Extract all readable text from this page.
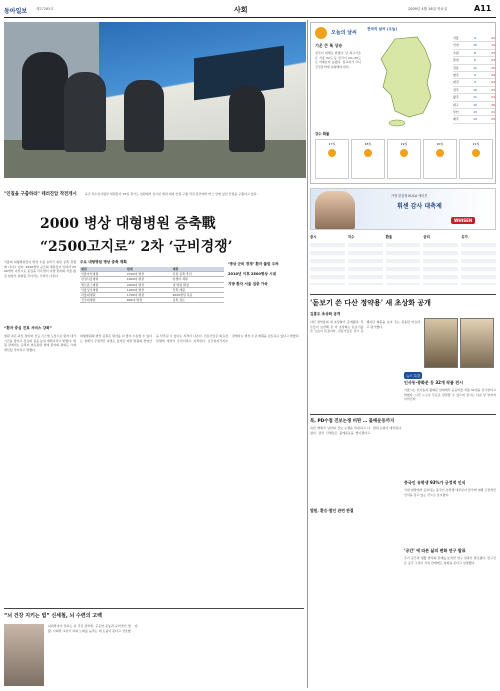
동아일보	제27265호	사회	2009년 4월 16일 목요일	A11
"인질을 구출하라" 테러진압 작전개시	육군 특수전사령부 대원들이 15일 경기도 일원에서 실시된 테러 대비 인질 구출 작전 훈련에서 버스 안에 있던 인질을 구출하고 있다.
2000 병상 대형병원 증축戰
“2500고지로” 2차 ‘군비경쟁’
서울의 대형병원들이 병상 수를 늘리기 위한 증축 경쟁에 나서고 있다. 2000병상 규모의 병원들이 잇따라 2500병상 이상으로 몸집을 키우면서 지방 환자의 서울 쏠림 현상이 심화될 것이라는 우려가 나온다.
“환자 중심 진료 서비스 강화”
병원 측은 최신 장비와 진료 시스템 도입으로 환자 대기시간을 줄이고 진료의 질을 높일 계획이라고 밝혔다. 병원 관계자는 증축이 완료되면 외래 환자의 편의도 크게 개선될 것이라고 말했다.
주요 대형병원 병상 증축 계획
병원	현재	계획
서울아산병원	2700여 병상	신관 증축 추진
삼성서울병원	1900여 병상	암센터 개원
세브란스병원	2000여 병상	새 병원 확장
서울성모병원	1200여 병상	신축 개원
서울대병원	1700여 병상	2000병상 목표
건국대병원	800여 병상	증축 검토
‘병상 군비 경쟁’ 환자 쏠림 우려
2010년 이후 2500병상 시대
지방 환자 서울 집중 가속
대형병원의 병상 증축은 환자를 더 많이 수용할 수 있다는 점에서 긍정적인 측면도 있지만 지방 병원의 경영난을 부추길 수 있다는 지적이 나온다. 전문가들은 의료전달체계 개선이 우선이라고 지적한다. 보건복지가족부 관계자는 병상 수급 계획을 검토하고 있다고 밝혔다.
“뇌 건강 지키는 법” 신세철, 뇌 수련의 고백
뇌과학자가 전하는 뇌 건강 관리법. 꾸준한 운동과 규칙적인 생활, 사회적 교류가 뇌의 노화를 늦추는 데 도움이 된다고 강조했다.
오늘의 날씨
기온 큰 폭 상승
전국이 대체로 맑겠다. 낮 최고기온은 서울 22도 등 전국이 19∼25도로 어제보다 높겠다. 일교차가 크니 건강관리에 유의해야 한다.
전국의 날씨 (오늘)
서울	9	22
인천	10	19
수원	8	23
춘천	6	24
강릉	11	25
청주	9	24
대전	9	24
전주	10	23
광주	11	24
대구	10	26
부산	13	21
제주	14	20
강수 확률
17일	18일	19일	20일	21일
가정 맞춤형 KUCA 에어컨
휘센 감사 대축제
WHISEN
증시	지수	환율	금리	유가
‘돋보기 쓴 다산 정약용’ 새 초상화 공개
김홍도 초상화 공개
다산 정약용의 새 초상화가 공개됐다. 후손들이 보관해 온 이 초상화는 돋보기를 쓴 모습이 특징이다. 전문가들은 당시 유행하던 화풍을 보여 주는 귀중한 자료라고 평가했다.
북, PD수첩 진보논쟁 비판 … 불매운동까지
북한 매체가 남한의 진보 논쟁을 비판하고 나섰다. 관련 단체들은 불매운동을 벌이겠다고 밝혀 논란이 예상된다.
법원, 환승·할인 관련 판결
뉴스 특강
인사동·광화문 등 32개 작품 전시
서울시는 인사동과 광화문 일대에서 공공미술 작품 32점을 전시한다고 밝혔다. 시민 누구나 무료로 관람할 수 있으며 전시는 다음 달 말까지 이어진다.
중국인 유학생 93%가 긍정적 인식
국내 대학에서 공부하는 중국인 유학생 대부분이 한국에 대해 긍정적인 인식을 갖고 있는 것으로 조사됐다.
‘공간’ 에 따른 삶의 변화 연구 발표
주거 공간과 생활 방식의 관계를 분석한 연구 결과가 발표됐다. 연구진은 공간 구성이 가족 관계에도 영향을 준다고 설명했다.
